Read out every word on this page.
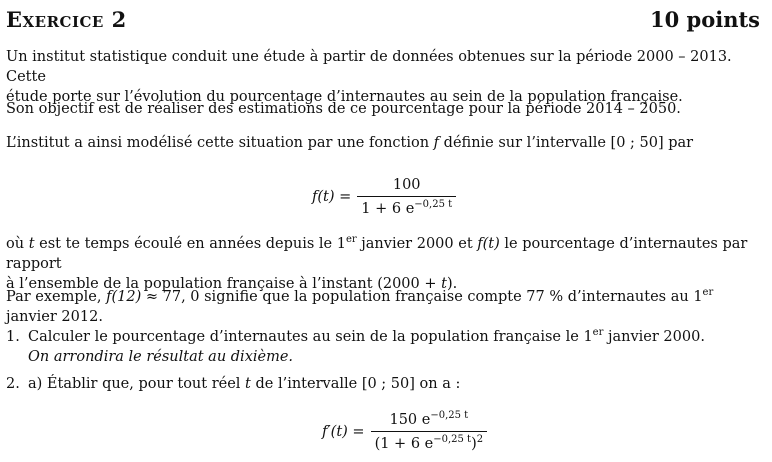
Exercice 2	10 points

Un institut statistique conduit une étude à partir de données obtenues sur la période 2000 – 2013. Cette
étude porte sur l’évolution du pourcentage d’internautes au sein de la population française.

Son objectif est de réaliser des estimations de ce pourcentage pour la période 2014 – 2050.

L’institut a ainsi modélisé cette situation par une fonction f définie sur l’intervalle [0 ; 50] par

$f(t) = \frac{100}{1 + 6 e^{-0,25 t}}$

où t est te temps écoulé en années depuis le 1er janvier 2000 et f(t) le pourcentage d’internautes par rapport
à l’ensemble de la population française à l’instant (2000 + t).

Par exemple, f(12) ≈ 77, 0 signifie que la population française compte 77 % d’internautes au 1er janvier 2012.

1. Calculer le pourcentage d’internautes au sein de la population française le 1er janvier 2000.
On arrondira le résultat au dixième.

2. a) Établir que, pour tout réel t de l’intervalle [0 ; 50] on a :

$f'(t) = \frac{150 e^{-0,25 t}}{(1 + 6 e^{-0,25 t})^2}$
